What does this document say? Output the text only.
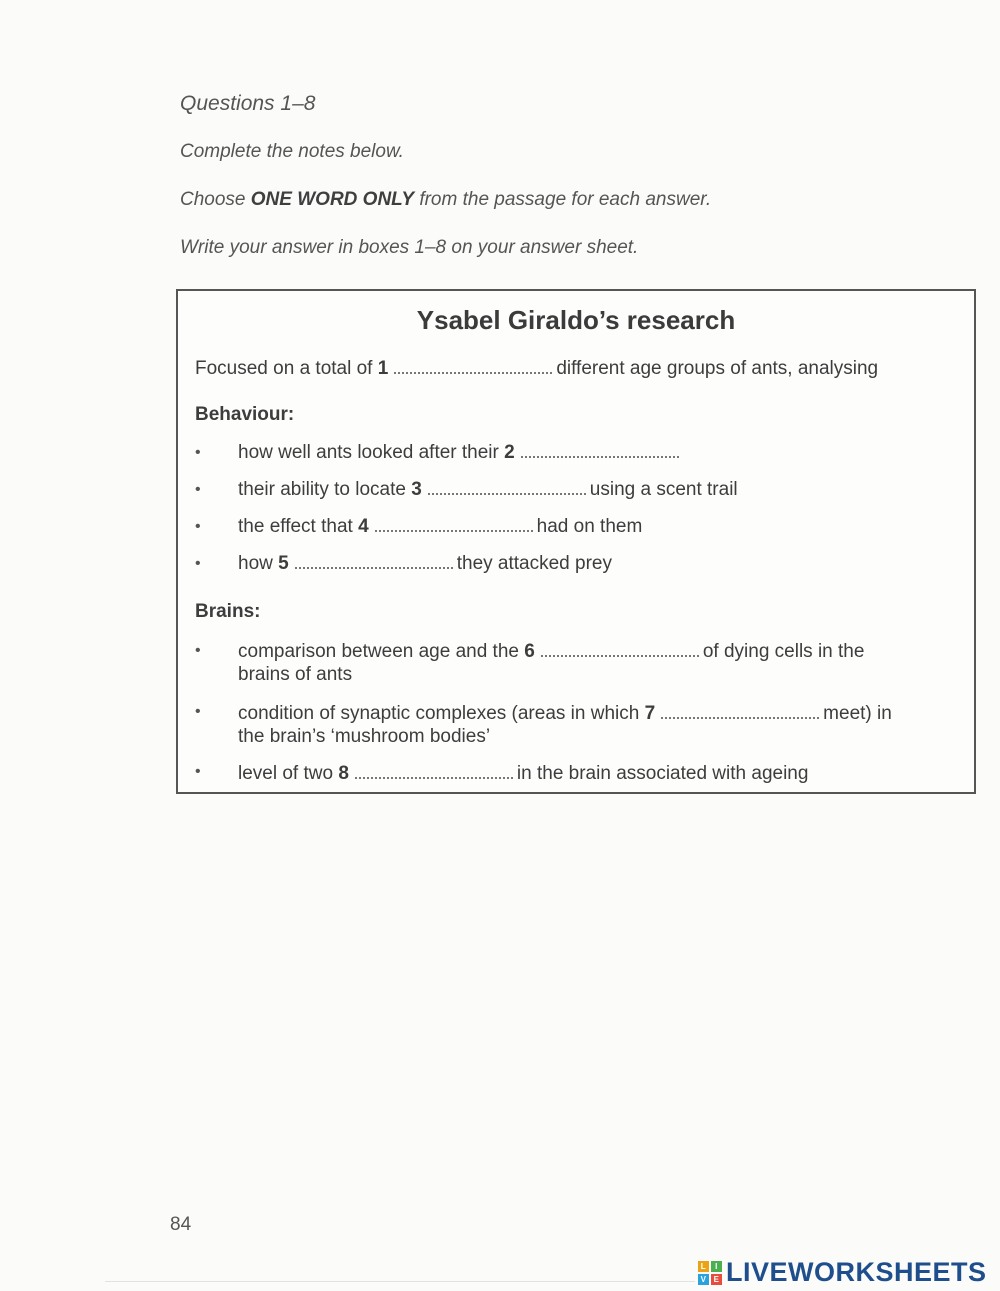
Questions 1–8

Complete the notes below.

Choose ONE WORD ONLY from the passage for each answer.

Write your answer in boxes 1–8 on your answer sheet.

Ysabel Giraldo’s research
Focused on a total of 1	different age groups of ants, analysing
Behaviour:
• how well ants looked after their 2
• their ability to locate 3	using a scent trail
• the effect that 4	had on them
• how 5	they attacked prey
Brains:
• comparison between age and the 6	of dying cells in the
brains of ants
• condition of synaptic complexes (areas in which 7	meet) in
the brain’s ‘mushroom bodies’
• level of two 8	in the brain associated with ageing
84
L	I
V E LIVEWORKSHEETS
